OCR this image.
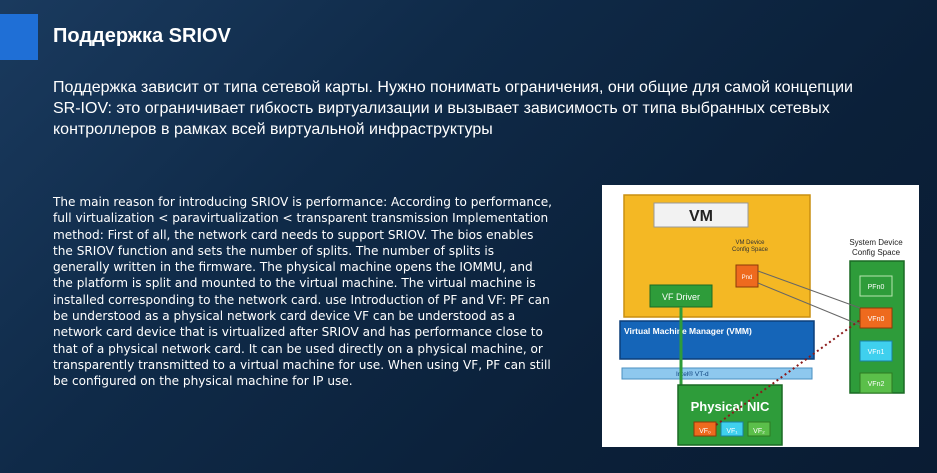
Поддержка SRIOV
Поддержка зависит от типа сетевой карты. Нужно понимать ограничения, они общие для самой концепции SR-IOV: это ограничивает гибкость виртуализации и вызывает зависимость от типа выбранных сетевых контроллеров в рамках всей виртуальной инфраструктуры
The main reason for introducing SRIOV is performance: According to performance, full virtualization < paravirtualization < transparent transmission Implementation method: First of all, the network card needs to support SRIOV. The bios enables the SRIOV function and sets the number of splits. The number of splits is generally written in the firmware. The physical machine opens the IOMMU, and the platform is split and mounted to the virtual machine. The virtual machine is installed corresponding to the network card. use Introduction of PF and VF: PF can be understood as a physical network card device VF can be understood as a network card device that is virtualized after SRIOV and has performance close to that of a physical network card. It can be used directly on a physical machine, or transparently transmitted to a virtual machine for use. When using VF, PF can still be configured on the physical machine for IP use.
VM
VM Device
Config Space
Pnd
VF Driver
Virtual Machine Manager (VMM)
Intel® VT-d
Physical NIC
VF₀ VF₁ VF₂
System Device
Config Space
PFn0
VFn0
VFn1
VFn2
